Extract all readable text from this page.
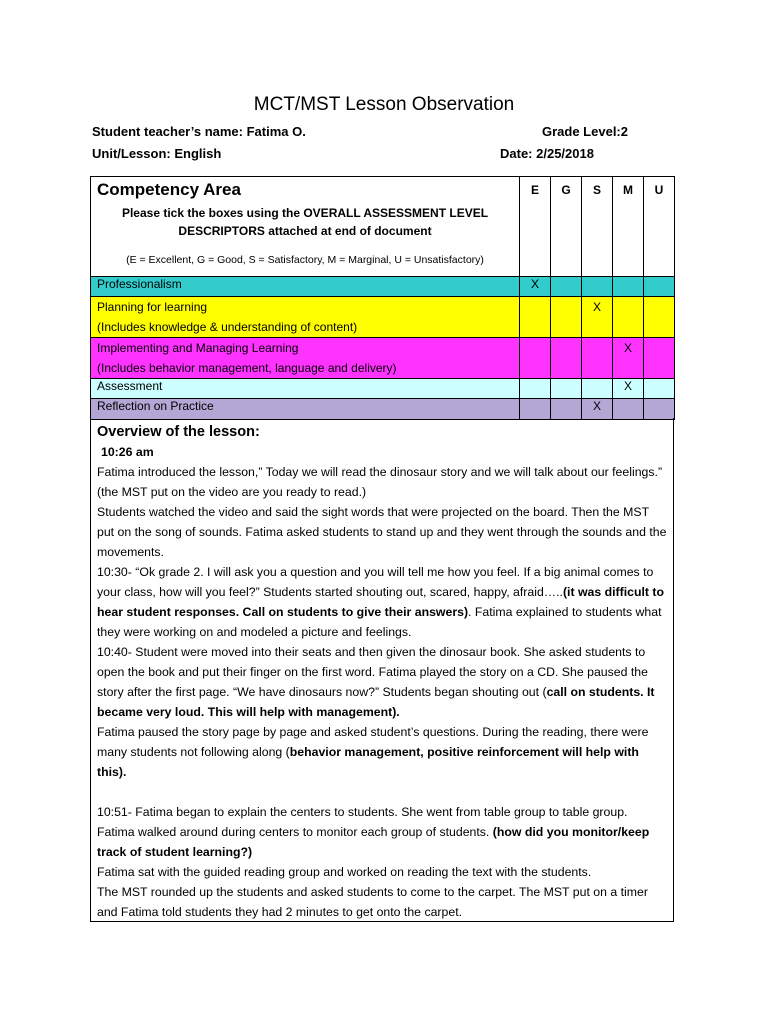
MCT/MST Lesson Observation
Student teacher’s name: Fatima O.	Grade Level:2
Unit/Lesson: English	Date: 2/25/2018
Competency Area
Please tick the boxes using the OVERALL ASSESSMENT LEVEL
DESCRIPTORS attached at end of document
(E = Excellent, G = Good, S = Satisfactory, M = Marginal, U = Unsatisfactory)	E	G	S	M	U

Professionalism	X				

Planning for learning
(Includes knowledge & understanding of content)			X		

Implementing and Managing Learning
(Includes behavior management, language and delivery)				X	

Assessment				X	

Reflection on Practice			X		
Overview of the lesson:
10:26 am
Fatima introduced the lesson,” Today we will read the dinosaur story and we will talk about our feelings.” (the MST put on the video are you ready to read.)
Students watched the video and said the sight words that were projected on the board. Then the MST put on the song of sounds. Fatima asked students to stand up and they went through the sounds and the movements.
10:30- “Ok grade 2. I will ask you a question and you will tell me how you feel. If a big animal comes to your class, how will you feel?” Students started shouting out, scared, happy, afraid…..(it was difficult to hear student responses. Call on students to give their answers). Fatima explained to students what they were working on and modeled a picture and feelings.
10:40- Student were moved into their seats and then given the dinosaur book. She asked students to open the book and put their finger on the first word. Fatima played the story on a CD. She paused the story after the first page. “We have dinosaurs now?” Students began shouting out (call on students. It became very loud. This will help with management).
Fatima paused the story page by page and asked student’s questions. During the reading, there were many students not following along (behavior management, positive reinforcement will help with this).
10:51- Fatima began to explain the centers to students. She went from table group to table group. Fatima walked around during centers to monitor each group of students. (how did you monitor/keep track of student learning?)
Fatima sat with the guided reading group and worked on reading the text with the students.
The MST rounded up the students and asked students to come to the carpet. The MST put on a timer and Fatima told students they had 2 minutes to get onto the carpet.
